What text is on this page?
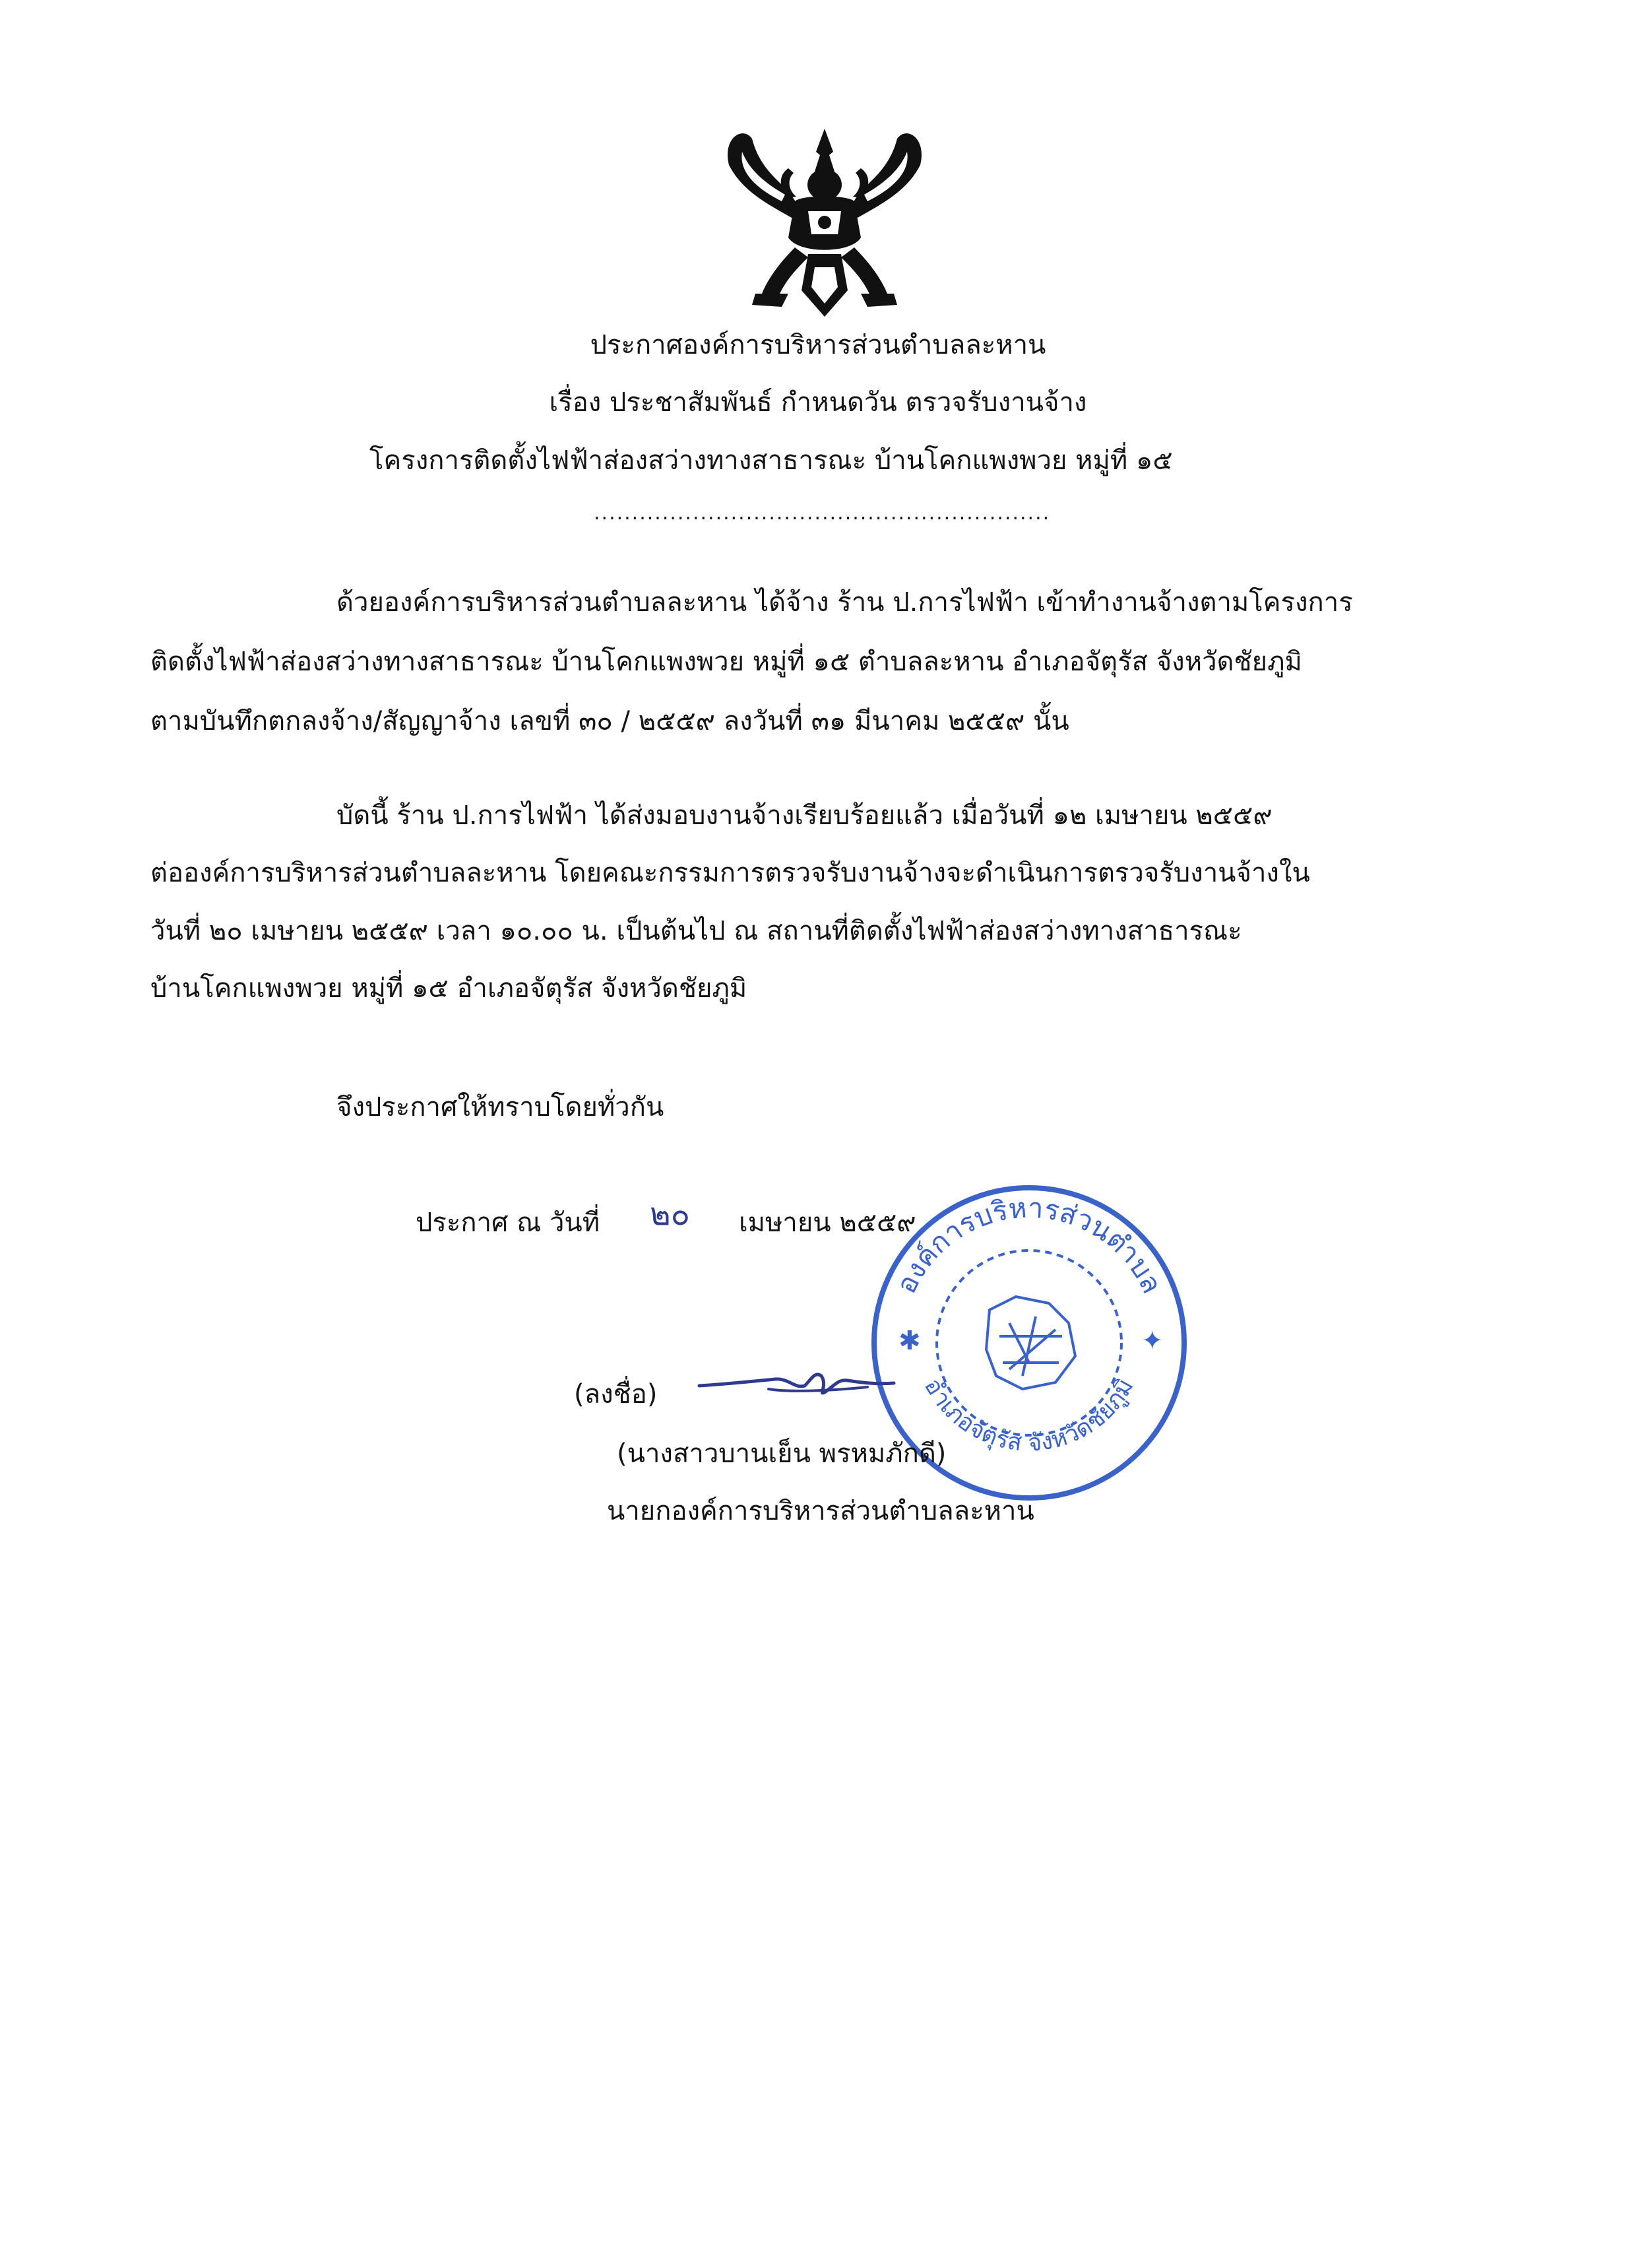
ประกาศองค์การบริหารส่วนตำบลละหาน
เรื่อง ประชาสัมพันธ์ กำหนดวัน ตรวจรับงานจ้าง
โครงการติดตั้งไฟฟ้าส่องสว่างทางสาธารณะ บ้านโคกแพงพวย หมู่ที่ ๑๕
............................................................
ด้วยองค์การบริหารส่วนตำบลละหาน ได้จ้าง ร้าน ป.การไฟฟ้า เข้าทำงานจ้างตามโครงการ
ติดตั้งไฟฟ้าส่องสว่างทางสาธารณะ บ้านโคกแพงพวย หมู่ที่ ๑๕ ตำบลละหาน อำเภอจัตุรัส จังหวัดชัยภูมิ
ตามบันทึกตกลงจ้าง/สัญญาจ้าง เลขที่ ๓๐ / ๒๕๕๙ ลงวันที่ ๓๑ มีนาคม ๒๕๕๙ นั้น
บัดนี้ ร้าน ป.การไฟฟ้า ได้ส่งมอบงานจ้างเรียบร้อยแล้ว เมื่อวันที่ ๑๒ เมษายน ๒๕๕๙
ต่อองค์การบริหารส่วนตำบลละหาน โดยคณะกรรมการตรวจรับงานจ้างจะดำเนินการตรวจรับงานจ้างใน
วันที่ ๒๐ เมษายน ๒๕๕๙ เวลา ๑๐.๐๐ น. เป็นต้นไป ณ สถานที่ติดตั้งไฟฟ้าส่องสว่างทางสาธารณะ
บ้านโคกแพงพวย หมู่ที่ ๑๕ อำเภอจัตุรัส จังหวัดชัยภูมิ
จึงประกาศให้ทราบโดยทั่วกัน
ประกาศ ณ วันที่ ๒๐ เมษายน ๒๕๕๙
องค์การบริหารส่วนตำบล
อำเภอจัตุรัส จังหวัดชัยภูมิ
✱	✦
(ลงชื่อ)
(นางสาวบานเย็น พรหมภักดี)
นายกองค์การบริหารส่วนตำบลละหาน
